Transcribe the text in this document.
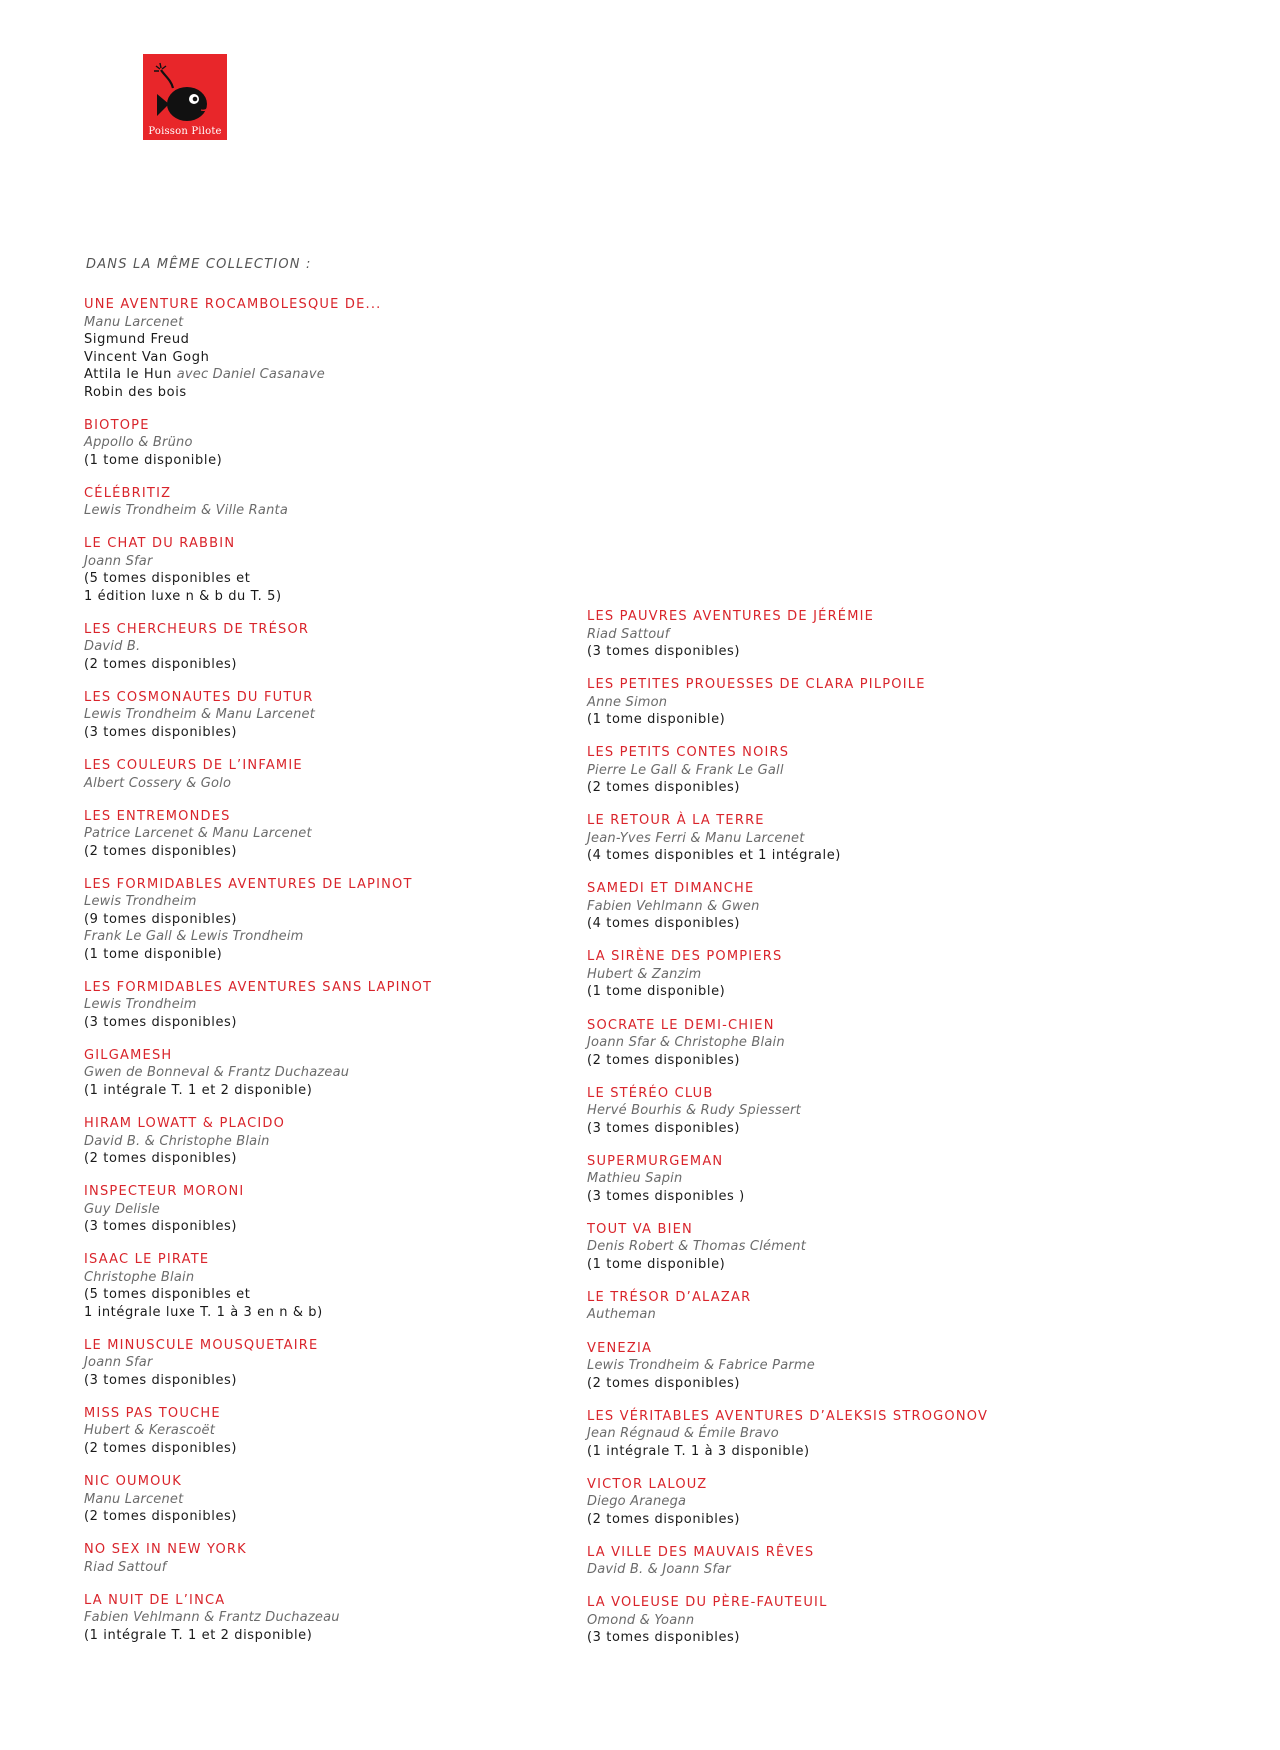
Poisson Pilote
DANS LA MÊME COLLECTION :
UNE AVENTURE ROCAMBOLESQUE DE...
Manu Larcenet
Sigmund Freud
Vincent Van Gogh
Attila le Hun avec Daniel Casanave
Robin des bois
BIOTOPE
Appollo & Brüno
(1 tome disponible)
CÉLÉBRITIZ
Lewis Trondheim & Ville Ranta
LE CHAT DU RABBIN
Joann Sfar
(5 tomes disponibles et
1 édition luxe n & b du T. 5)
LES CHERCHEURS DE TRÉSOR
David B.
(2 tomes disponibles)
LES COSMONAUTES DU FUTUR
Lewis Trondheim & Manu Larcenet
(3 tomes disponibles)
LES COULEURS DE L’INFAMIE
Albert Cossery & Golo
LES ENTREMONDES
Patrice Larcenet & Manu Larcenet
(2 tomes disponibles)
LES FORMIDABLES AVENTURES DE LAPINOT
Lewis Trondheim
(9 tomes disponibles)
Frank Le Gall & Lewis Trondheim
(1 tome disponible)
LES FORMIDABLES AVENTURES SANS LAPINOT
Lewis Trondheim
(3 tomes disponibles)
GILGAMESH
Gwen de Bonneval & Frantz Duchazeau
(1 intégrale T. 1 et 2 disponible)
HIRAM LOWATT & PLACIDO
David B. & Christophe Blain
(2 tomes disponibles)
INSPECTEUR MORONI
Guy Delisle
(3 tomes disponibles)
ISAAC LE PIRATE
Christophe Blain
(5 tomes disponibles et
1 intégrale luxe T. 1 à 3 en n & b)
LE MINUSCULE MOUSQUETAIRE
Joann Sfar
(3 tomes disponibles)
MISS PAS TOUCHE
Hubert & Kerascoët
(2 tomes disponibles)
NIC OUMOUK
Manu Larcenet
(2 tomes disponibles)
NO SEX IN NEW YORK
Riad Sattouf
LA NUIT DE L’INCA
Fabien Vehlmann & Frantz Duchazeau
(1 intégrale T. 1 et 2 disponible)
LES PAUVRES AVENTURES DE JÉRÉMIE
Riad Sattouf
(3 tomes disponibles)
LES PETITES PROUESSES DE CLARA PILPOILE
Anne Simon
(1 tome disponible)
LES PETITS CONTES NOIRS
Pierre Le Gall & Frank Le Gall
(2 tomes disponibles)
LE RETOUR À LA TERRE
Jean-Yves Ferri & Manu Larcenet
(4 tomes disponibles et 1 intégrale)
SAMEDI ET DIMANCHE
Fabien Vehlmann & Gwen
(4 tomes disponibles)
LA SIRÈNE DES POMPIERS
Hubert & Zanzim
(1 tome disponible)
SOCRATE LE DEMI-CHIEN
Joann Sfar & Christophe Blain
(2 tomes disponibles)
LE STÉRÉO CLUB
Hervé Bourhis & Rudy Spiessert
(3 tomes disponibles)
SUPERMURGEMAN
Mathieu Sapin
(3 tomes disponibles )
TOUT VA BIEN
Denis Robert & Thomas Clément
(1 tome disponible)
LE TRÉSOR D’ALAZAR
Autheman
VENEZIA
Lewis Trondheim & Fabrice Parme
(2 tomes disponibles)
LES VÉRITABLES AVENTURES D’ALEKSIS STROGONOV
Jean Régnaud & Émile Bravo
(1 intégrale T. 1 à 3 disponible)
VICTOR LALOUZ
Diego Aranega
(2 tomes disponibles)
LA VILLE DES MAUVAIS RÊVES
David B. & Joann Sfar
LA VOLEUSE DU PÈRE-FAUTEUIL
Omond & Yoann
(3 tomes disponibles)
